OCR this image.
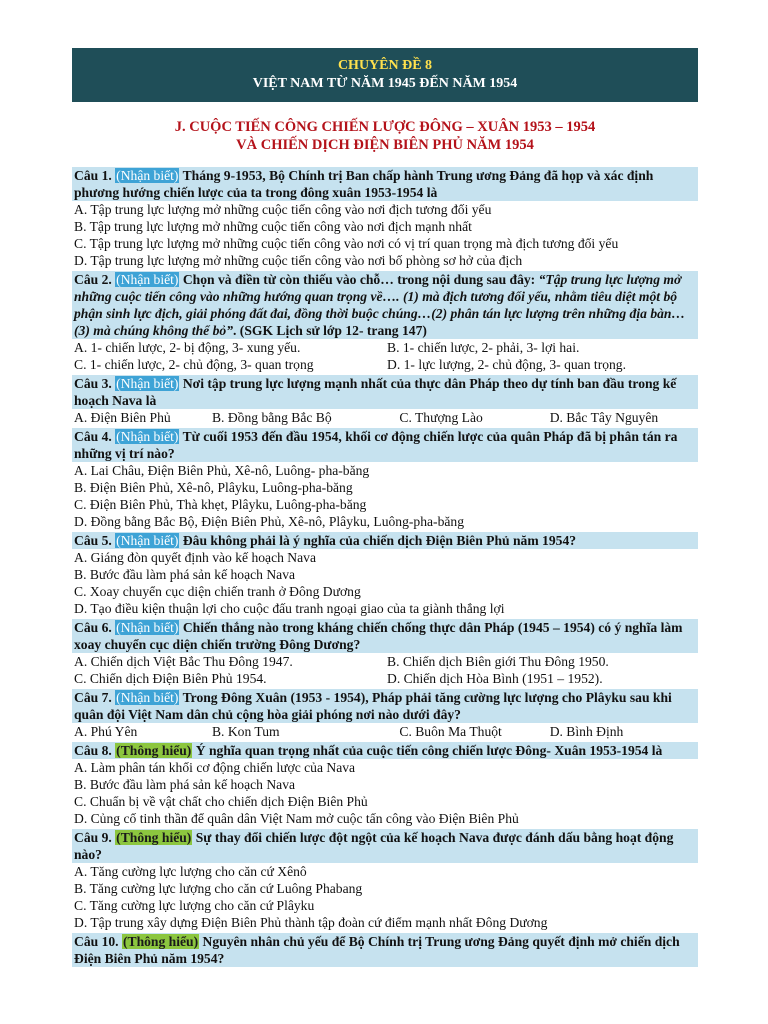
CHUYÊN ĐỀ 8
VIỆT NAM TỪ NĂM 1945 ĐẾN NĂM 1954
J. CUỘC TIẾN CÔNG CHIẾN LƯỢC ĐÔNG – XUÂN 1953 – 1954
VÀ CHIẾN DỊCH ĐIỆN BIÊN PHỦ NĂM 1954
Câu 1. (Nhận biết) Tháng 9-1953, Bộ Chính trị Ban chấp hành Trung ương Đảng đã họp và xác định phương hướng chiến lược của ta trong đông xuân 1953-1954 là
A. Tập trung lực lượng mở những cuộc tiến công vào nơi địch tương đối yếu
B. Tập trung lực lượng mở những cuộc tiến công vào nơi địch mạnh nhất
C. Tập trung lực lượng mở những cuộc tiến công vào nơi có vị trí quan trọng mà địch tương đối yếu
D. Tập trung lực lượng mở những cuộc tiến công vào nơi bố phòng sơ hở của địch
Câu 2. (Nhận biết) Chọn và điền từ còn thiếu vào chỗ… trong nội dung sau đây: “Tập trung lực lượng mở những cuộc tiến công vào những hướng quan trọng về…. (1) mà địch tương đối yếu, nhằm tiêu diệt một bộ phận sinh lực địch, giải phóng đất đai, đồng thời buộc chúng…(2) phân tán lực lượng trên những địa bàn…(3) mà chúng không thể bỏ”. (SGK Lịch sử lớp 12- trang 147)
A. 1- chiến lược, 2- bị động, 3- xung yếu.	B. 1- chiến lược, 2- phải, 3- lợi hai.
C. 1- chiến lược, 2- chủ động, 3- quan trọng	D. 1- lực lượng, 2- chủ động, 3- quan trọng.
Câu 3. (Nhận biết) Nơi tập trung lực lượng mạnh nhất của thực dân Pháp theo dự tính ban đầu trong kế hoạch Nava là
A. Điện Biên Phủ	B. Đồng bằng Bắc Bộ	C. Thượng Lào	D. Bắc Tây Nguyên
Câu 4. (Nhận biết) Từ cuối 1953 đến đầu 1954, khối cơ động chiến lược của quân Pháp đã bị phân tán ra những vị trí nào?
A. Lai Châu, Điện Biên Phủ, Xê-nô, Luông- pha-băng
B. Điện Biên Phủ, Xê-nô, Plâyku, Luông-pha-băng
C. Điện Biên Phủ, Thà khẹt, Plâyku, Luông-pha-băng
D. Đồng bằng Bắc Bộ, Điện Biên Phủ, Xê-nô, Plâyku, Luông-pha-băng
Câu 5. (Nhận biết) Đâu không phải là ý nghĩa của chiến dịch Điện Biên Phủ năm 1954?
A. Giáng đòn quyết định vào kế hoạch Nava
B. Bước đầu làm phá sản kế hoạch Nava
C. Xoay chuyển cục diện chiến tranh ở Đông Dương
D. Tạo điều kiện thuận lợi cho cuộc đấu tranh ngoại giao của ta giành thắng lợi
Câu 6. (Nhận biết) Chiến thắng nào trong kháng chiến chống thực dân Pháp (1945 – 1954) có ý nghĩa làm xoay chuyển cục diện chiến trường Đông Dương?
A. Chiến dịch Việt Bắc Thu Đông 1947.	B. Chiến dịch Biên giới Thu Đông 1950.
C. Chiến dịch Điện Biên Phủ 1954.	D. Chiến dịch Hòa Bình (1951 – 1952).
Câu 7. (Nhận biết) Trong Đông Xuân (1953 - 1954), Pháp phải tăng cường lực lượng cho Plâyku sau khi quân đội Việt Nam dân chủ cộng hòa giải phóng nơi nào dưới đây?
A. Phú Yên	B. Kon Tum	C. Buôn Ma Thuột	D. Bình Định
Câu 8. (Thông hiểu) Ý nghĩa quan trọng nhất của cuộc tiến công chiến lược Đông- Xuân 1953-1954 là
A. Làm phân tán khối cơ động chiến lược của Nava
B. Bước đầu làm phá sản kế hoạch Nava
C. Chuẩn bị về vật chất cho chiến dịch Điện Biên Phủ
D. Củng cố tinh thần để quân dân Việt Nam mở cuộc tấn công vào Điện Biên Phủ
Câu 9. (Thông hiểu) Sự thay đổi chiến lược đột ngột của kế hoạch Nava được đánh dấu bằng hoạt động nào?
A. Tăng cường lực lượng cho căn cứ Xênô
B. Tăng cường lực lượng cho căn cứ Luông Phabang
C. Tăng cường lực lượng cho căn cứ Plâyku
D. Tập trung xây dựng Điện Biên Phủ thành tập đoàn cứ điểm mạnh nhất Đông Dương
Câu 10. (Thông hiểu) Nguyên nhân chủ yếu để Bộ Chính trị Trung ương Đảng quyết định mở chiến dịch Điện Biên Phủ năm 1954?
